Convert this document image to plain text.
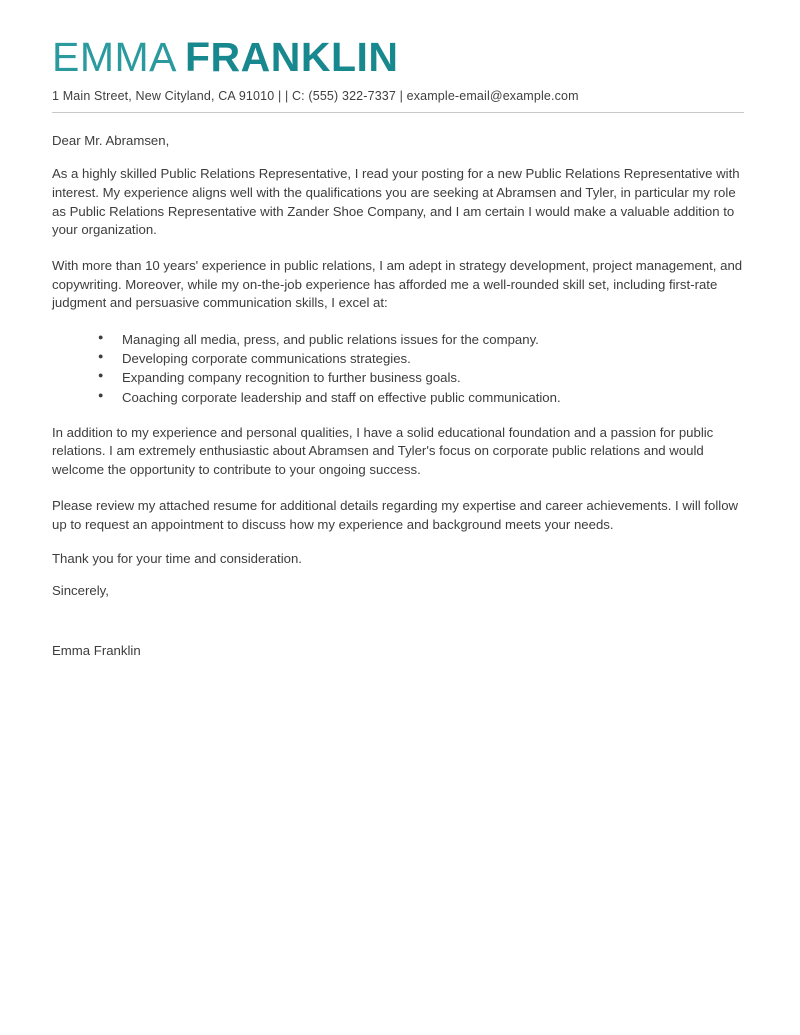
EMMA FRANKLIN
1 Main Street, New Cityland, CA 91010 | | C: (555) 322-7337 | example-email@example.com

Dear Mr. Abramsen,

As a highly skilled Public Relations Representative, I read your posting for a new Public Relations Representative with interest. My experience aligns well with the qualifications you are seeking at Abramsen and Tyler, in particular my role as Public Relations Representative with Zander Shoe Company, and I am certain I would make a valuable addition to your organization.

With more than 10 years' experience in public relations, I am adept in strategy development, project management, and copywriting. Moreover, while my on-the-job experience has afforded me a well-rounded skill set, including first-rate judgment and persuasive communication skills, I excel at:

● Managing all media, press, and public relations issues for the company.
● Developing corporate communications strategies.
● Expanding company recognition to further business goals.
● Coaching corporate leadership and staff on effective public communication.

In addition to my experience and personal qualities, I have a solid educational foundation and a passion for public relations. I am extremely enthusiastic about Abramsen and Tyler's focus on corporate public relations and would welcome the opportunity to contribute to your ongoing success.

Please review my attached resume for additional details regarding my expertise and career achievements. I will follow up to request an appointment to discuss how my experience and background meets your needs.

Thank you for your time and consideration.

Sincerely,

Emma Franklin
